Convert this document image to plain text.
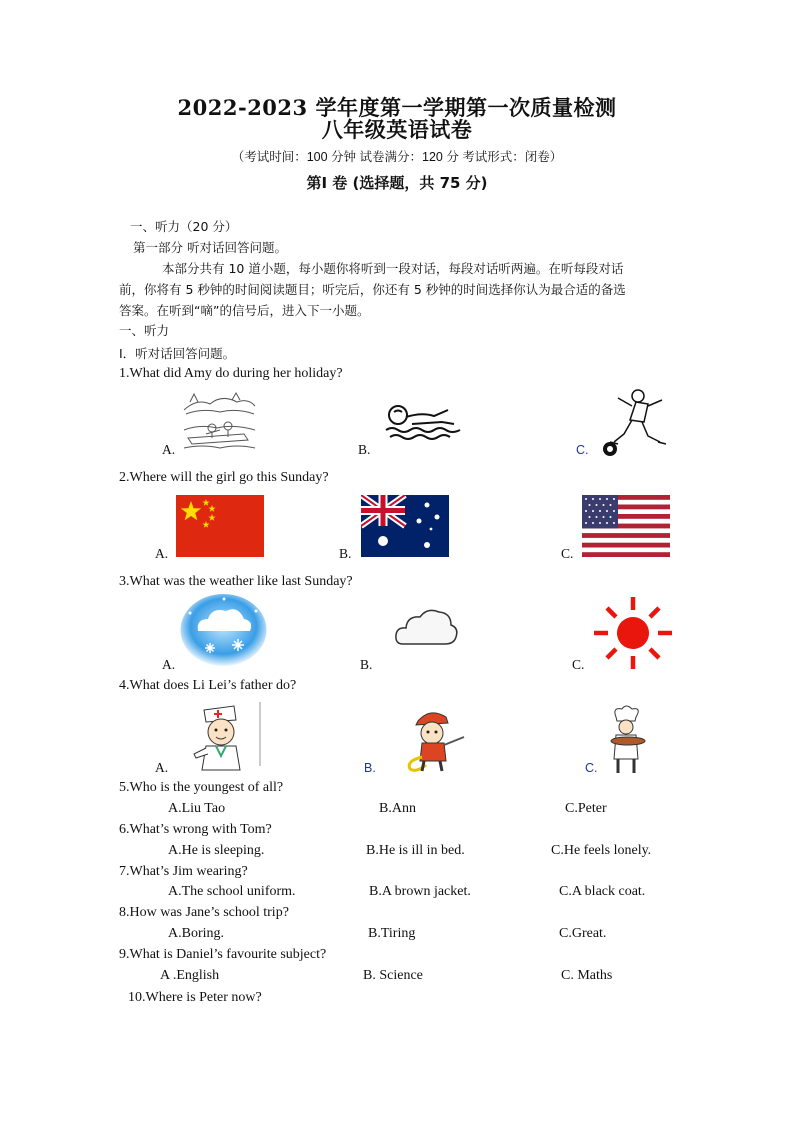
2022-2023 学年度第一学期第一次质量检测
八年级英语试卷
（考试时间：100 分钟 试卷满分：120 分 考试形式：闭卷）
第Ⅰ 卷 (选择题，共 75 分)
一、听力（20 分）
第一部分 听对话回答问题。
本部分共有 10 道小题，每小题你将听到一段对话，每段对话听两遍。在听每段对话
前，你将有 5 秒钟的时间阅读题目；听完后，你还有 5 秒钟的时间选择你认为最合适的备选
答案。在听到“嘀”的信号后，进入下一小题。
一、听力
Ⅰ．听对话回答问题。
1.What did Amy do during her holiday?
A.	B.	C.
2.Where will the girl go this Sunday?
A.	B.	C.
3.What was the weather like last Sunday?
A.	B.	C.
4.What does Li Lei’s father do?
A.	B.	C.
5.Who is the youngest of all?
A.Liu Tao	B.Ann	C.Peter
6.What’s wrong with Tom?
A.He is sleeping.	B.He is ill in bed.	C.He feels lonely.
7.What’s Jim wearing?
A.The school uniform.	B.A brown jacket.	C.A black coat.
8.How was Jane’s school trip?
A.Boring.	B.Tiring	C.Great.
9.What is Daniel’s favourite subject?
A .English	B. Science	C. Maths
10.Where is Peter now?
